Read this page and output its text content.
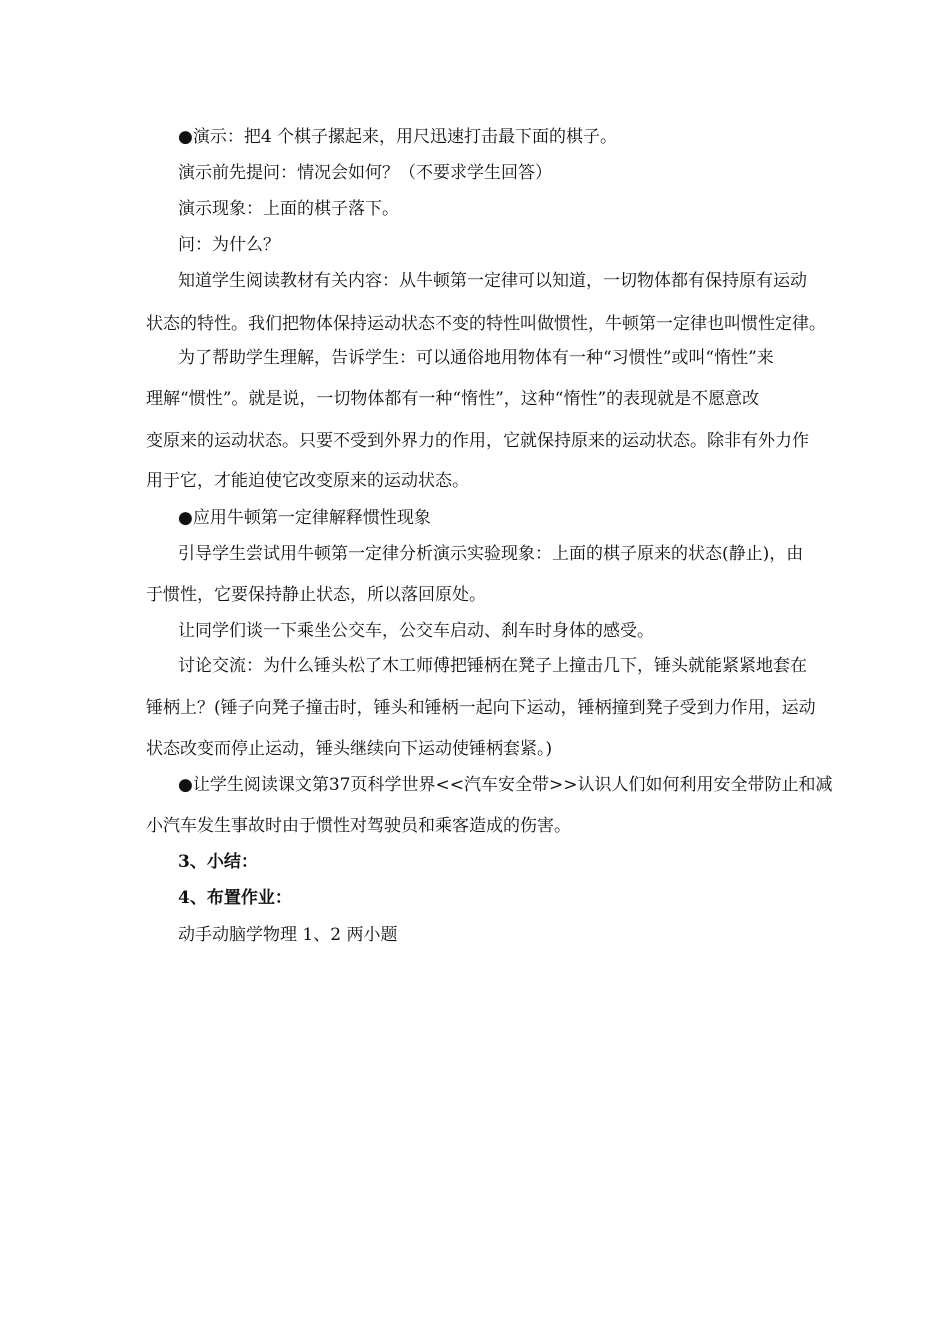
●演示：把4 个棋子摞起来，用尺迅速打击最下面的棋子。
演示前先提问：情况会如何？（不要求学生回答）
演示现象：上面的棋子落下。
问：为什么？
知道学生阅读教材有关内容：从牛顿第一定律可以知道，一切物体都有保持原有运动
状态的特性。我们把物体保持运动状态不变的特性叫做惯性，牛顿第一定律也叫惯性定律。
为了帮助学生理解，告诉学生：可以通俗地用物体有一种“习惯性”或叫“惰性”来
理解“惯性”。就是说，一切物体都有一种“惰性”，这种“惰性”的表现就是不愿意改
变原来的运动状态。只要不受到外界力的作用，它就保持原来的运动状态。除非有外力作
用于它，才能迫使它改变原来的运动状态。
●应用牛顿第一定律解释惯性现象
引导学生尝试用牛顿第一定律分析演示实验现象：上面的棋子原来的状态(静止)，由
于惯性，它要保持静止状态，所以落回原处。
让同学们谈一下乘坐公交车，公交车启动、刹车时身体的感受。
讨论交流：为什么锤头松了木工师傅把锤柄在凳子上撞击几下，锤头就能紧紧地套在
锤柄上？(锤子向凳子撞击时，锤头和锤柄一起向下运动，锤柄撞到凳子受到力作用，运动
状态改变而停止运动，锤头继续向下运动使锤柄套紧。)
●让学生阅读课文第37页科学世界<<汽车安全带>>认识人们如何利用安全带防止和减
小汽车发生事故时由于惯性对驾驶员和乘客造成的伤害。
3、小结：
4、布置作业：
动手动脑学物理 1、2 两小题
